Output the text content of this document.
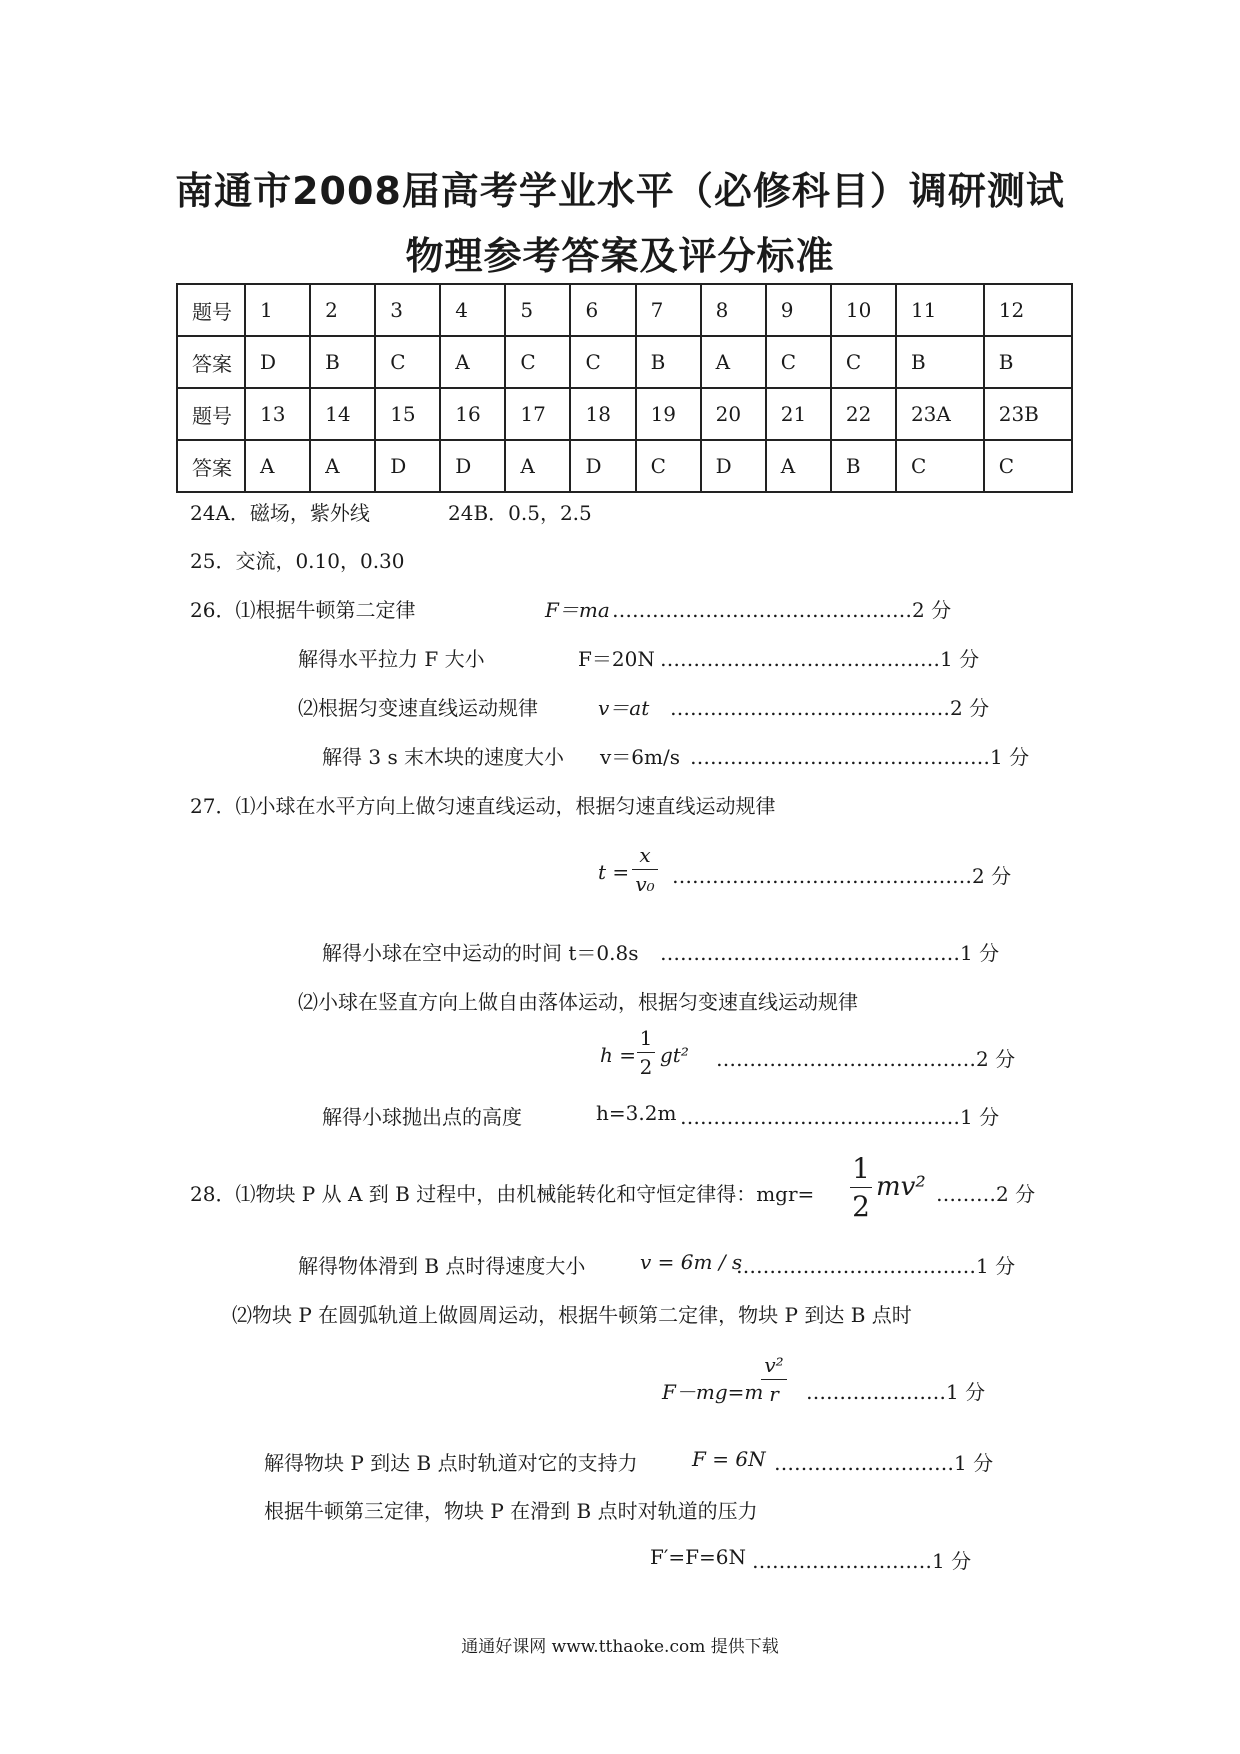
南通市2008届高考学业水平（必修科目）调研测试
物理参考答案及评分标准
题号	1	2	3	4	5	6	7	8	9	10	11	12
答案	D	B	C	A	C	C	B	A	C	C	B	B
题号	13	14	15	16	17	18	19	20	21	22	23A	23B
答案	A	A	D	D	A	D	C	D	A	B	C	C
24A．磁场，紫外线	24B．0.5，2.5
25．交流，0.10，0.30
26．⑴根据牛顿第二定律	F＝ma ………………………………………2 分
解得水平拉力 F 大小	F＝20N ……………………………………1 分
⑵根据匀变速直线运动规律	v＝at ……………………………………2 分
解得 3 s 末木块的速度大小 v＝6m/s ………………………………………1 分
27．⑴小球在水平方向上做匀速直线运动，根据匀速直线运动规律
t =
x
v₀ ………………………………………2 分
解得小球在空中运动的时间 t＝0.8s ………………………………………1 分
⑵小球在竖直方向上做自由落体运动，根据匀变速直线运动规律
h =
1
2 gt² …………………………………2 分
解得小球抛出点的高度	h=3.2m ……………………………………1 分
28．⑴物块 P 从 A 到 B 过程中，由机械能转化和守恒定律得：mgr=
1
2
mv² ………2 分
解得物体滑到 B 点时得速度大小	v = 6m / s
………………………………1 分
⑵物块 P 在圆弧轨道上做圆周运动，根据牛顿第二定律，物块 P 到达 B 点时
F－mg=m
v²
r	…………………1 分
解得物块 P 到达 B 点时轨道对它的支持力	F = 6N ………………………1 分
根据牛顿第三定律，物块 P 在滑到 B 点时对轨道的压力
F′=F=6N ………………………1 分
通通好课网 www.tthaoke.com 提供下载
